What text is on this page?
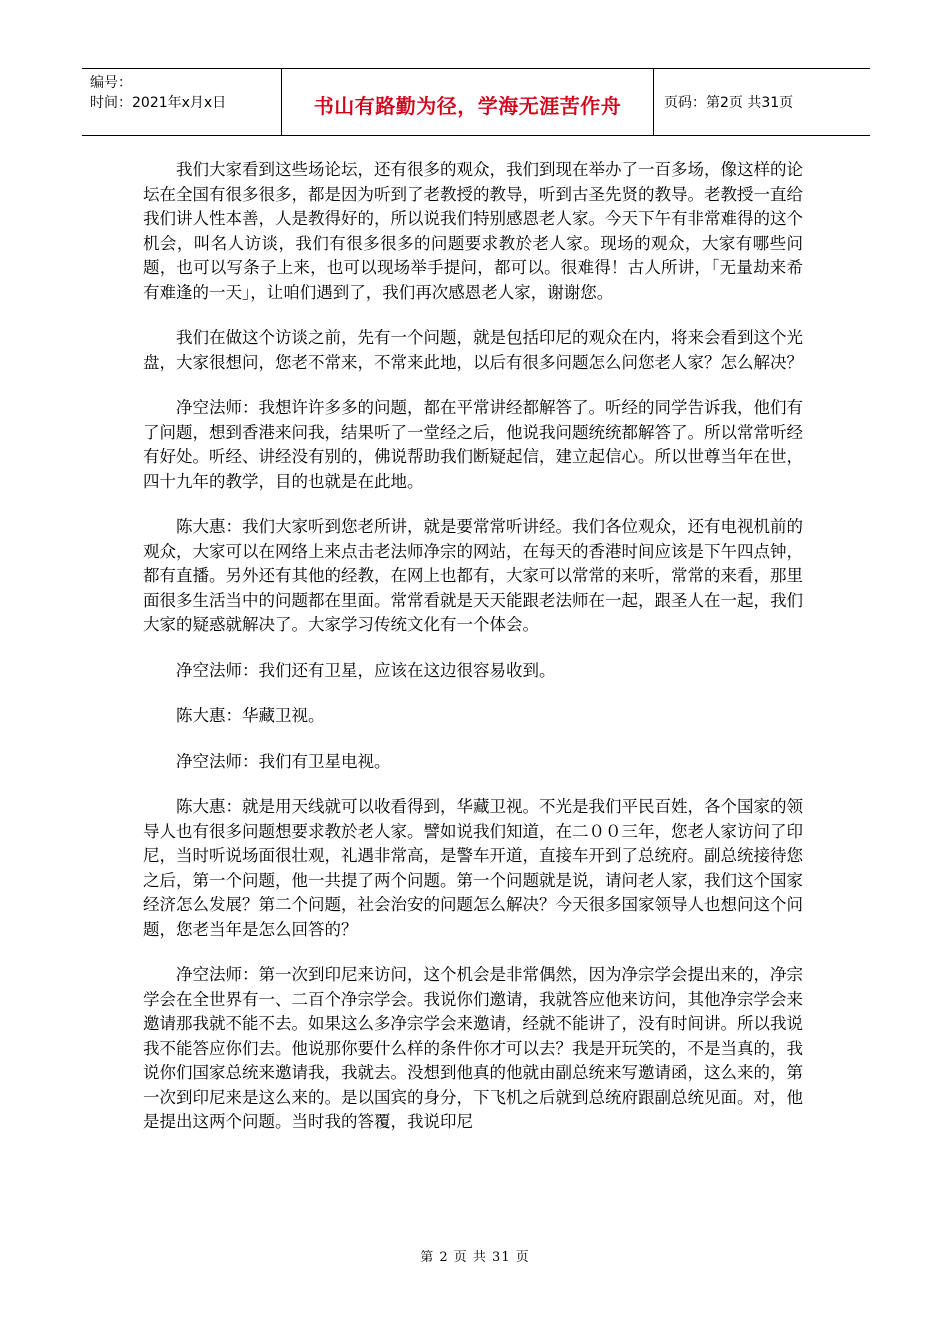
编号：
时间：2021年x月x日	书山有路勤为径，学海无涯苦作舟	页码：第2页 共31页

我们大家看到这些场论坛，还有很多的观众，我们到现在举办了一百多场，像这样的论坛在全国有很多很多，都是因为听到了老教授的教导，听到古圣先贤的教导。老教授一直给我们讲人性本善，人是教得好的，所以说我们特别感恩老人家。今天下午有非常难得的这个机会，叫名人访谈，我们有很多很多的问题要求教於老人家。现场的观众，大家有哪些问题，也可以写条子上来，也可以现场举手提问，都可以。很难得！古人所讲，「无量劫来希有难逢的一天」，让咱们遇到了，我们再次感恩老人家，谢谢您。

我们在做这个访谈之前，先有一个问题，就是包括印尼的观众在内，将来会看到这个光盘，大家很想问，您老不常来，不常来此地，以后有很多问题怎么问您老人家？怎么解决？

净空法师：我想许许多多的问题，都在平常讲经都解答了。听经的同学告诉我，他们有了问题，想到香港来问我，结果听了一堂经之后，他说我问题统统都解答了。所以常常听经有好处。听经、讲经没有别的，佛说帮助我们断疑起信，建立起信心。所以世尊当年在世，四十九年的教学，目的也就是在此地。

陈大惠：我们大家听到您老所讲，就是要常常听讲经。我们各位观众，还有电视机前的观众，大家可以在网络上来点击老法师净宗的网站，在每天的香港时间应该是下午四点钟，都有直播。另外还有其他的经教，在网上也都有，大家可以常常的来听，常常的来看，那里面很多生活当中的问题都在里面。常常看就是天天能跟老法师在一起，跟圣人在一起，我们大家的疑惑就解决了。大家学习传统文化有一个体会。

净空法师：我们还有卫星，应该在这边很容易收到。

陈大惠：华藏卫视。

净空法师：我们有卫星电视。

陈大惠：就是用天线就可以收看得到，华藏卫视。不光是我们平民百姓，各个国家的领导人也有很多问题想要求教於老人家。譬如说我们知道，在二００三年，您老人家访问了印尼，当时听说场面很壮观，礼遇非常高，是警车开道，直接车开到了总统府。副总统接待您之后，第一个问题，他一共提了两个问题。第一个问题就是说，请问老人家，我们这个国家经济怎么发展？第二个问题，社会治安的问题怎么解决？今天很多国家领导人也想问这个问题，您老当年是怎么回答的？

净空法师：第一次到印尼来访问，这个机会是非常偶然，因为净宗学会提出来的，净宗学会在全世界有一、二百个净宗学会。我说你们邀请，我就答应他来访问，其他净宗学会来邀请那我就不能不去。如果这么多净宗学会来邀请，经就不能讲了，没有时间讲。所以我说我不能答应你们去。他说那你要什么样的条件你才可以去？我是开玩笑的，不是当真的，我说你们国家总统来邀请我，我就去。没想到他真的他就由副总统来写邀请函，这么来的，第一次到印尼来是这么来的。是以国宾的身分，下飞机之后就到总统府跟副总统见面。对，他是提出这两个问题。当时我的答覆，我说印尼

第 2 页 共 31 页
